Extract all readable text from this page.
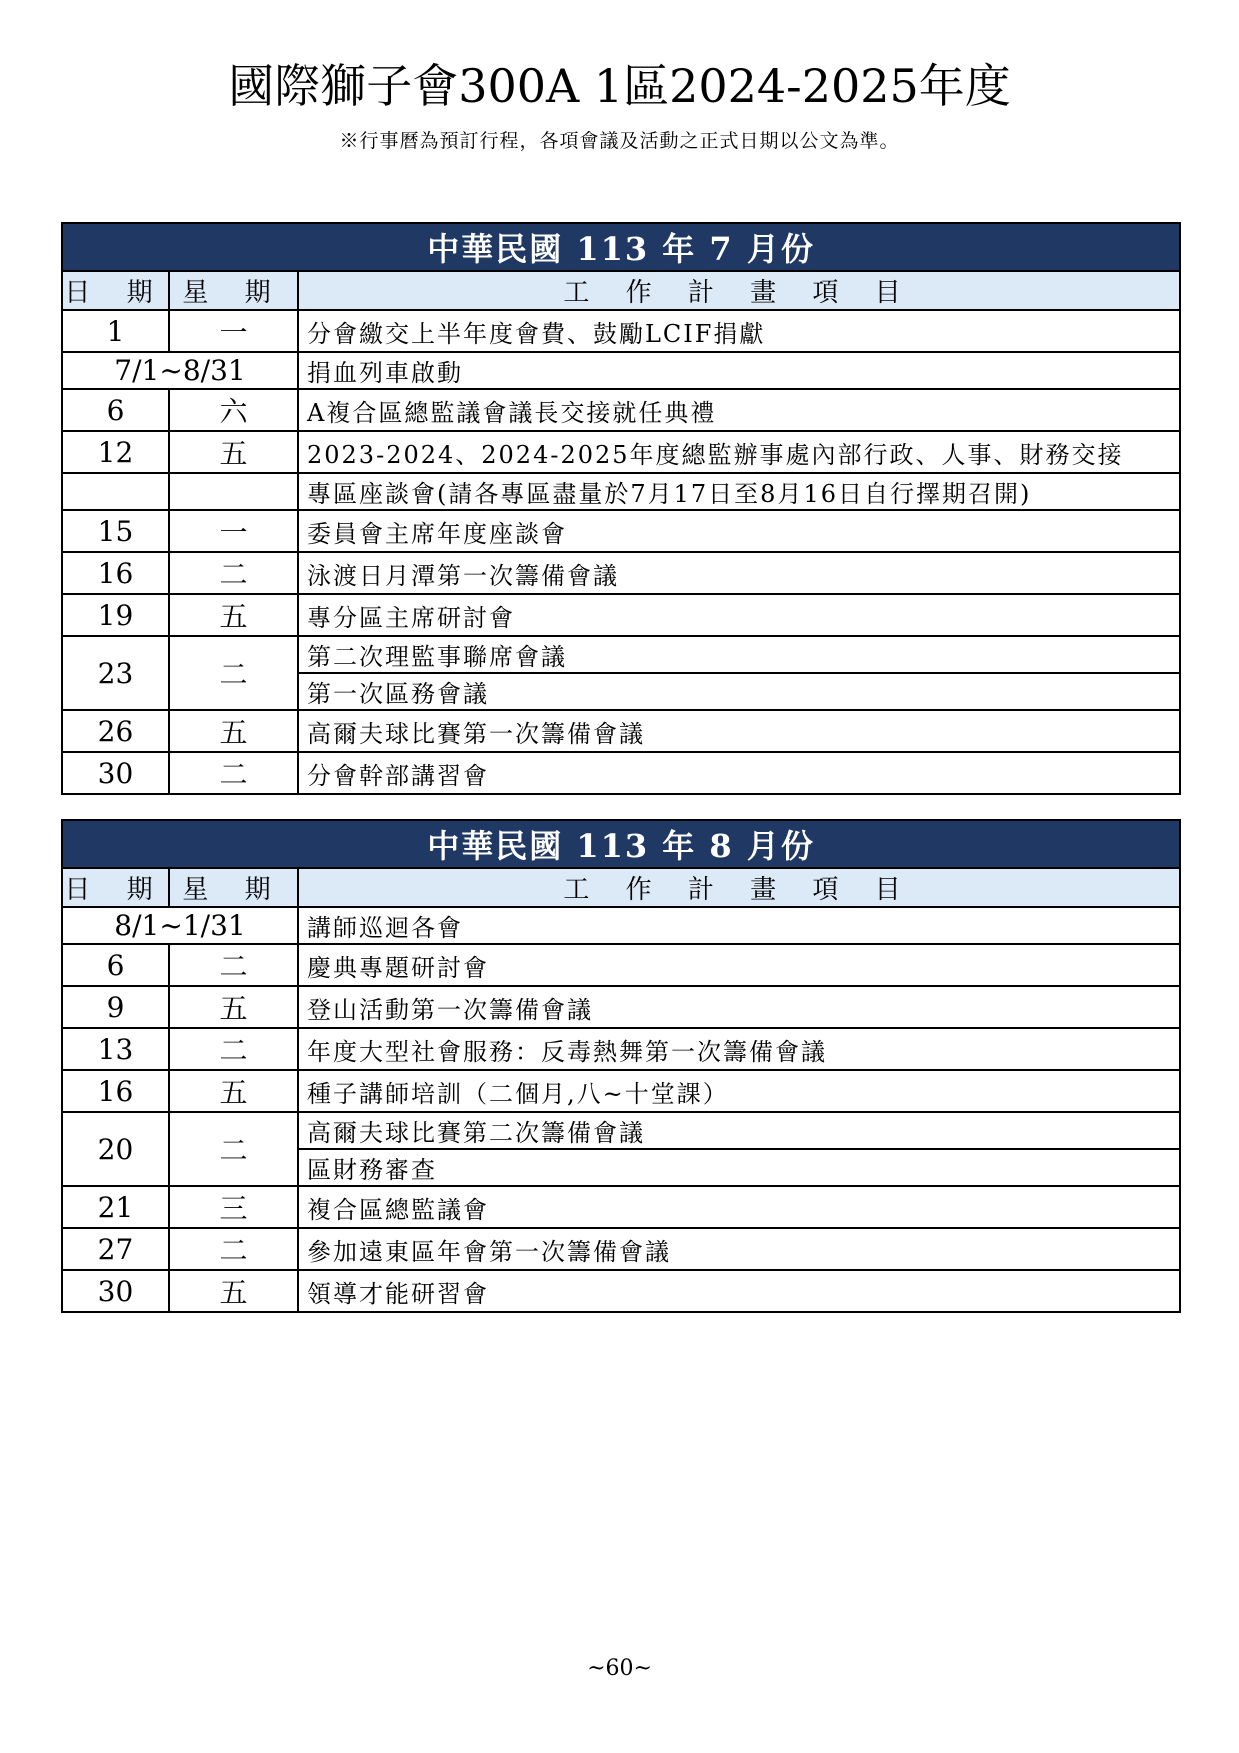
國際獅子會300A 1區2024-2025年度
※行事曆為預訂行程，各項會議及活動之正式日期以公文為準。
中華民國 113 年 7 月份		
日 期	星 期	工 作 計 畫 項 目
1	一	分會繳交上半年度會費、鼓勵LCIF捐獻
7/1~8/31		捐血列車啟動
6	六	A複合區總監議會議長交接就任典禮
12	五	2023-2024、2024-2025年度總監辦事處內部行政、人事、財務交接
		專區座談會(請各專區盡量於7月17日至8月16日自行擇期召開)
15	一	委員會主席年度座談會
16	二	泳渡日月潭第一次籌備會議
19	五	專分區主席研討會
23	二	第二次理監事聯席會議
		第一次區務會議
26	五	高爾夫球比賽第一次籌備會議
30	二	分會幹部講習會
中華民國 113 年 8 月份		
日 期	星 期	工 作 計 畫 項 目
8/1~1/31		講師巡迴各會
6	二	慶典專題研討會
9	五	登山活動第一次籌備會議
13	二	年度大型社會服務：反毒熱舞第一次籌備會議
16	五	種子講師培訓（二個月,八~十堂課）
20	二	高爾夫球比賽第二次籌備會議
		區財務審查
21	三	複合區總監議會
27	二	參加遠東區年會第一次籌備會議
30	五	領導才能研習會
~60~
